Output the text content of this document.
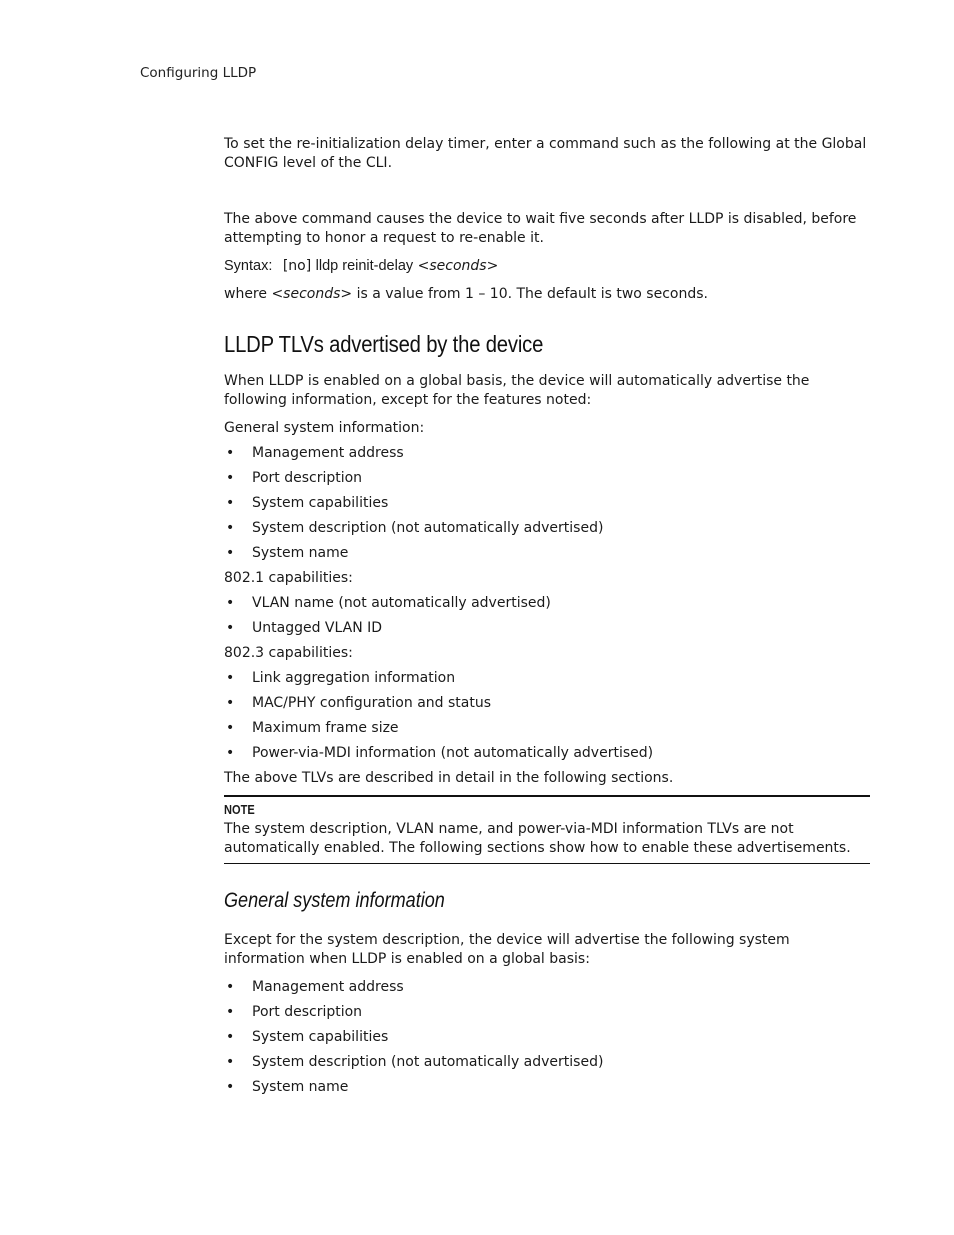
Configuring LLDP

To set the re-initialization delay timer, enter a command such as the following at the Global CONFIG level of the CLI.

The above command causes the device to wait five seconds after LLDP is disabled, before attempting to honor a request to re-enable it.

Syntax: [no] lldp reinit-delay <seconds>

where <seconds> is a value from 1 – 10. The default is two seconds.

LLDP TLVs advertised by the device

When LLDP is enabled on a global basis, the device will automatically advertise the following information, except for the features noted:

General system information:

• Management address
• Port description
• System capabilities
• System description (not automatically advertised)
• System name

802.1 capabilities:

• VLAN name (not automatically advertised)
• Untagged VLAN ID

802.3 capabilities:

• Link aggregation information
• MAC/PHY configuration and status
• Maximum frame size
• Power-via-MDI information (not automatically advertised)

The above TLVs are described in detail in the following sections.

NOTE

The system description, VLAN name, and power-via-MDI information TLVs are not automatically enabled. The following sections show how to enable these advertisements.

General system information

Except for the system description, the device will advertise the following system information when LLDP is enabled on a global basis:

• Management address
• Port description
• System capabilities
• System description (not automatically advertised)
• System name
